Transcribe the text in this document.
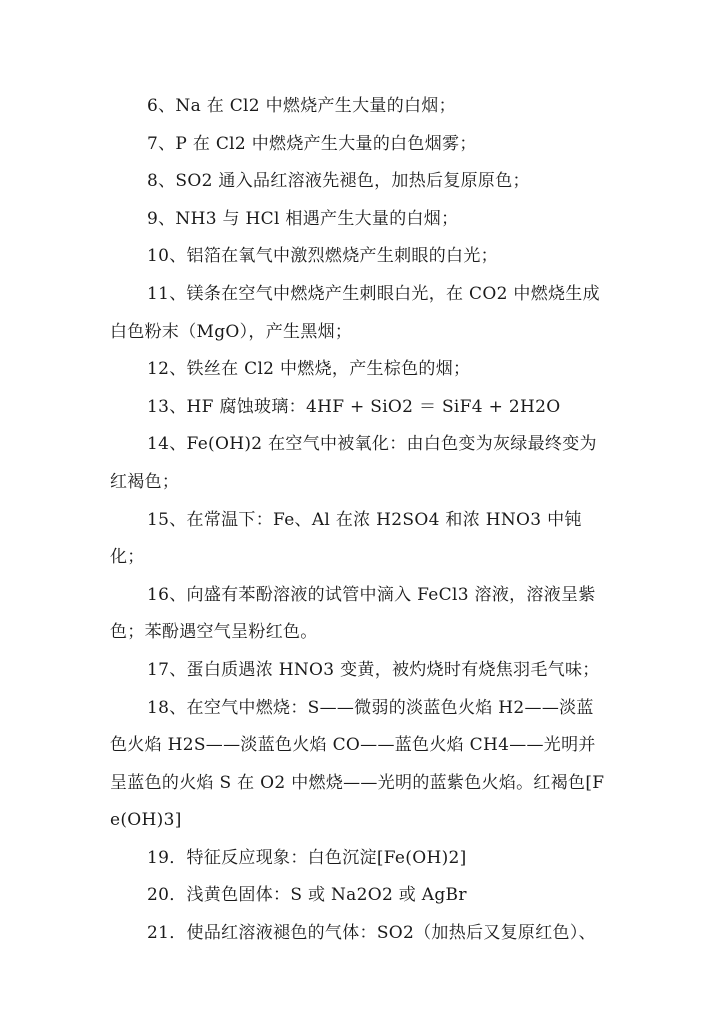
6、Na 在 Cl2 中燃烧产生大量的白烟；

7、P 在 Cl2 中燃烧产生大量的白色烟雾；

8、SO2 通入品红溶液先褪色，加热后复原原色；

9、NH3 与 HCl 相遇产生大量的白烟；

10、铝箔在氧气中激烈燃烧产生刺眼的白光；

11、镁条在空气中燃烧产生刺眼白光，在 CO2 中燃烧生成白色粉末（MgO），产生黑烟；

12、铁丝在 Cl2 中燃烧，产生棕色的烟；

13、HF 腐蚀玻璃：4HF + SiO2 ＝ SiF4 + 2H2O

14、Fe(OH)2 在空气中被氧化：由白色变为灰绿最终变为红褐色；

15、在常温下：Fe、Al 在浓 H2SO4 和浓 HNO3 中钝化；

16、向盛有苯酚溶液的试管中滴入 FeCl3 溶液，溶液呈紫色；苯酚遇空气呈粉红色。

17、蛋白质遇浓 HNO3 变黄，被灼烧时有烧焦羽毛气味；

18、在空气中燃烧：S——微弱的淡蓝色火焰 H2——淡蓝色火焰 H2S——淡蓝色火焰 CO——蓝色火焰 CH4——光明并呈蓝色的火焰 S 在 O2 中燃烧——光明的蓝紫色火焰。红褐色[Fe(OH)3]

19．特征反应现象：白色沉淀[Fe(OH)2]

20．浅黄色固体：S 或 Na2O2 或 AgBr

21．使品红溶液褪色的气体：SO2（加热后又复原红色）、
